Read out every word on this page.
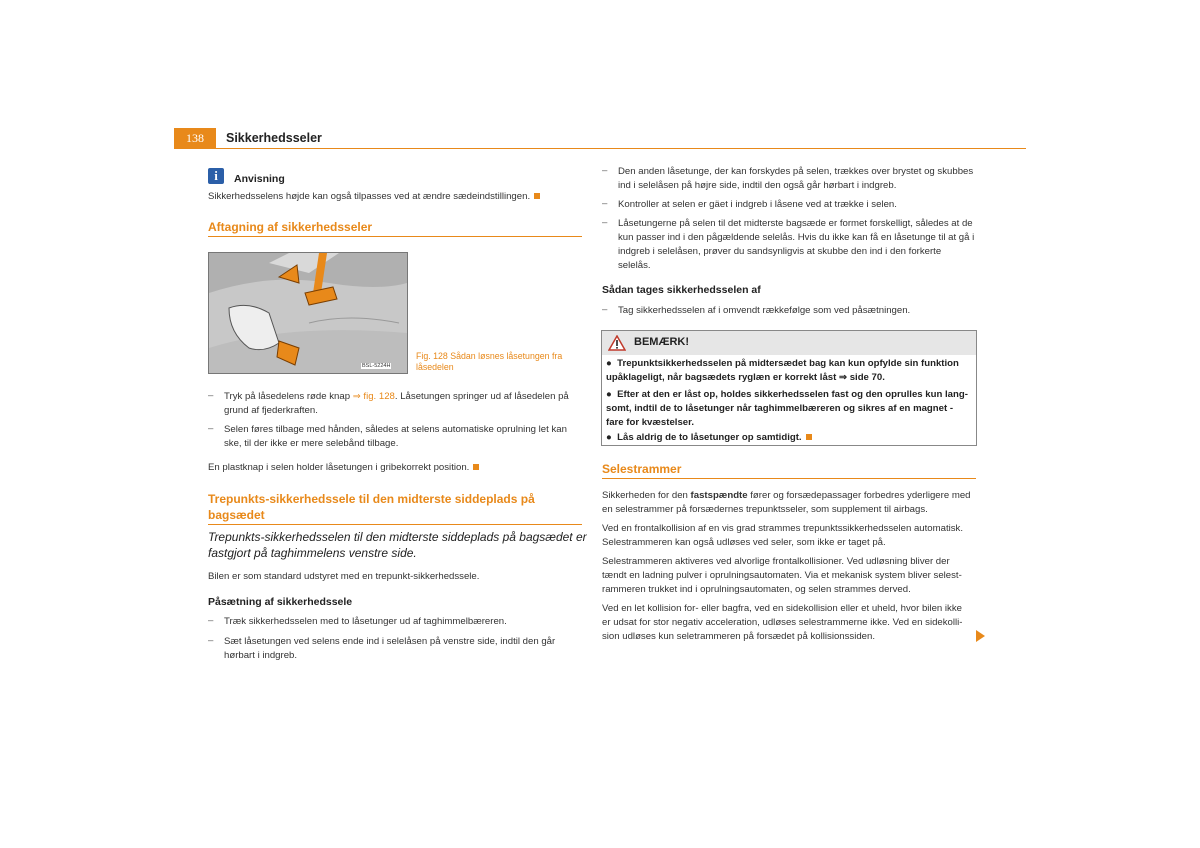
138	Sikkerhedsseler
i	Anvisning
Sikkerhedsselens højde kan også tilpasses ved at ændre sædeindstillingen.
Aftagning af sikkerhedsseler
BSL-5224H
Fig. 128 Sådan løsnes låsetungen fra låsedelen
– Tryk på låsedelens røde knap ⇒ fig. 128. Låsetungen springer ud af låsedelen på
grund af fjederkraften.
– Selen føres tilbage med hånden, således at selens automatiske oprulning let kan
ske, til der ikke er mere selebånd tilbage.
En plastknap i selen holder låsetungen i gribekorrekt position.
Trepunkts-sikkerhedssele til den midterste siddeplads på
bagsædet
Trepunkts-sikkerhedsselen til den midterste siddeplads på bagsædet er
fastgjort på taghimmelens venstre side.
Bilen er som standard udstyret med en trepunkt-sikkerhedssele.
Påsætning af sikkerhedssele
– Træk sikkerhedsselen med to låsetunger ud af taghimmelbæreren.
– Sæt låsetungen ved selens ende ind i selelåsen på venstre side, indtil den går
hørbart i indgreb.
– Den anden låsetunge, der kan forskydes på selen, trækkes over brystet og skubbes
ind i selelåsen på højre side, indtil den også går hørbart i indgreb.
– Kontroller at selen er gäet i indgreb i låsene ved at trække i selen.
– Låsetungerne på selen til det midterste bagsæde er formet forskelligt, således at de
kun passer ind i den pågældende selelås. Hvis du ikke kan få en låsetunge til at gå i
indgreb i selelåsen, prøver du sandsynligvis at skubbe den ind i den forkerte
selelås.
Sådan tages sikkerhedsselen af
– Tag sikkerhedsselen af i omvendt rækkefølge som ved påsætningen.
BEMÆRK!
●  Trepunktsikkerhedsselen på midtersædet bag kan kun opfylde sin funktion
upåklageligt, når bagsædets ryglæn er korrekt låst ⇒ side 70.
●  Efter at den er låst op, holdes sikkerhedsselen fast og den oprulles kun lang-
somt, indtil de to låsetunger når taghimmelbæreren og sikres af en magnet -
fare for kvæstelser.
●  Lås aldrig de to låsetunger op samtidigt.
Selestrammer
Sikkerheden for den fastspændte fører og forsædepassager forbedres yderligere med
en selestrammer på forsædernes trepunktsseler, som supplement til airbags.
Ved en frontalkollision af en vis grad strammes trepunktssikkerhedsselen automatisk.
Selestrammeren kan også udløses ved seler, som ikke er taget på.
Selestrammeren aktiveres ved alvorlige frontalkollisioner. Ved udløsning bliver der
tændt en ladning pulver i oprulningsautomaten. Via et mekanisk system bliver selest-
rammeren trukket ind i oprulningsautomaten, og selen strammes derved.
Ved en let kollision for- eller bagfra, ved en sidekollision eller et uheld, hvor bilen ikke
er udsat for stor negativ acceleration, udløses selestrammerne ikke. Ved en sidekolli-
sion udløses kun seletrammeren på forsædet på kollisionssiden.
